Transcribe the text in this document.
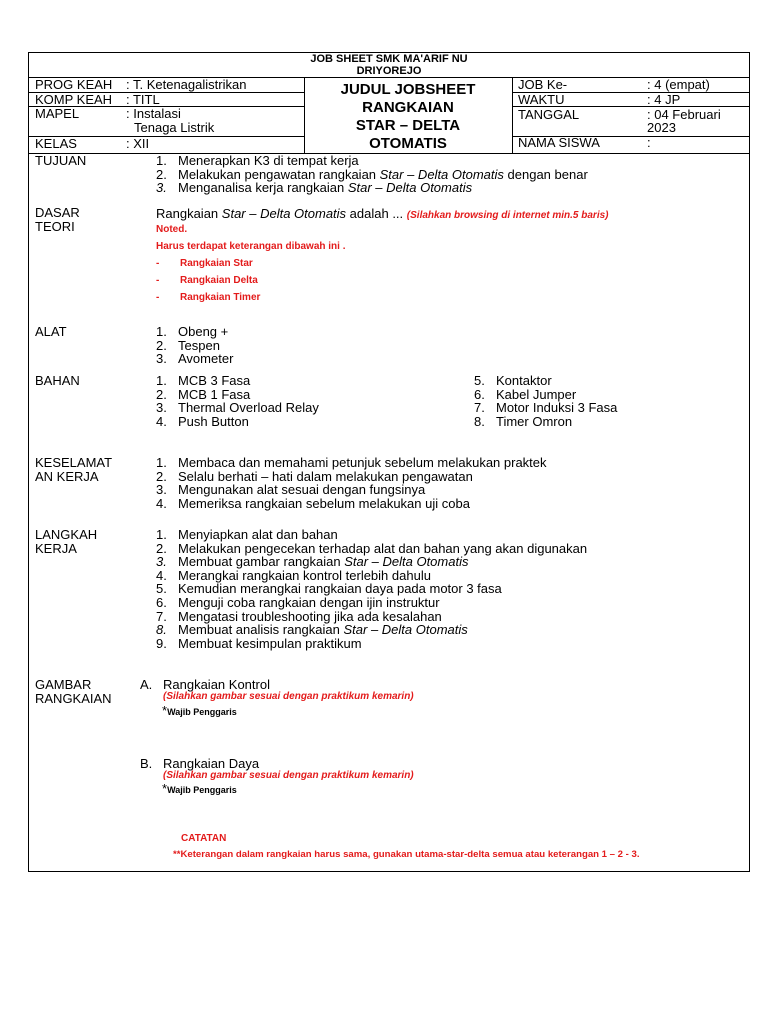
JOB SHEET SMK MA'ARIF NU
DRIYOREJO
PROG KEAH : T. Ketenagalistrikan
KOMP KEAH : TITL
MAPEL	: Instalasi
Tenaga Listrik
KELAS	: XII
JUDUL JOBSHEET
RANGKAIAN
STAR – DELTA
OTOMATIS
JOB Ke-	: 4 (empat)
WAKTU	: 4 JP
TANGGAL	: 04 Februari
2023
NAMA SISWA	:
TUJUAN	1. Menerapkan K3 di tempat kerja
2. Melakukan pengawatan rangkaian Star – Delta Otomatis dengan benar
3. Menganalisa kerja rangkaian Star – Delta Otomatis
DASAR
TEORI
Rangkaian Star – Delta Otomatis adalah ... (Silahkan browsing di internet min.5 baris)
Noted.
Harus terdapat keterangan dibawah ini .
- Rangkaian Star
- Rangkaian Delta
- Rangkaian Timer
ALAT	1. Obeng +
2. Tespen
3. Avometer
BAHAN	1. MCB 3 Fasa
2. MCB 1 Fasa
3. Thermal Overload Relay
4. Push Button
5. Kontaktor
6. Kabel Jumper
7. Motor Induksi 3 Fasa
8. Timer Omron
KESELAMAT
AN KERJA
1. Membaca dan memahami petunjuk sebelum melakukan praktek
2. Selalu berhati – hati dalam melakukan pengawatan
3. Mengunakan alat sesuai dengan fungsinya
4. Memeriksa rangkaian sebelum melakukan uji coba
LANGKAH
KERJA
1. Menyiapkan alat dan bahan
2. Melakukan pengecekan terhadap alat dan bahan yang akan digunakan
3. Membuat gambar rangkaian Star – Delta Otomatis
4. Merangkai rangkaian kontrol terlebih dahulu
5. Kemudian merangkai rangkaian daya pada motor 3 fasa
6. Menguji coba rangkaian dengan ijin instruktur
7. Mengatasi troubleshooting jika ada kesalahan
8. Membuat analisis rangkaian Star – Delta Otomatis
9. Membuat kesimpulan praktikum
GAMBAR
RANGKAIAN
A. Rangkaian Kontrol
(Silahkan gambar sesuai dengan praktikum kemarin)
*Wajib Penggaris
B. Rangkaian Daya
(Silahkan gambar sesuai dengan praktikum kemarin)
*Wajib Penggaris
CATATAN
**Keterangan dalam rangkaian harus sama, gunakan utama-star-delta semua atau keterangan 1 – 2 - 3.
